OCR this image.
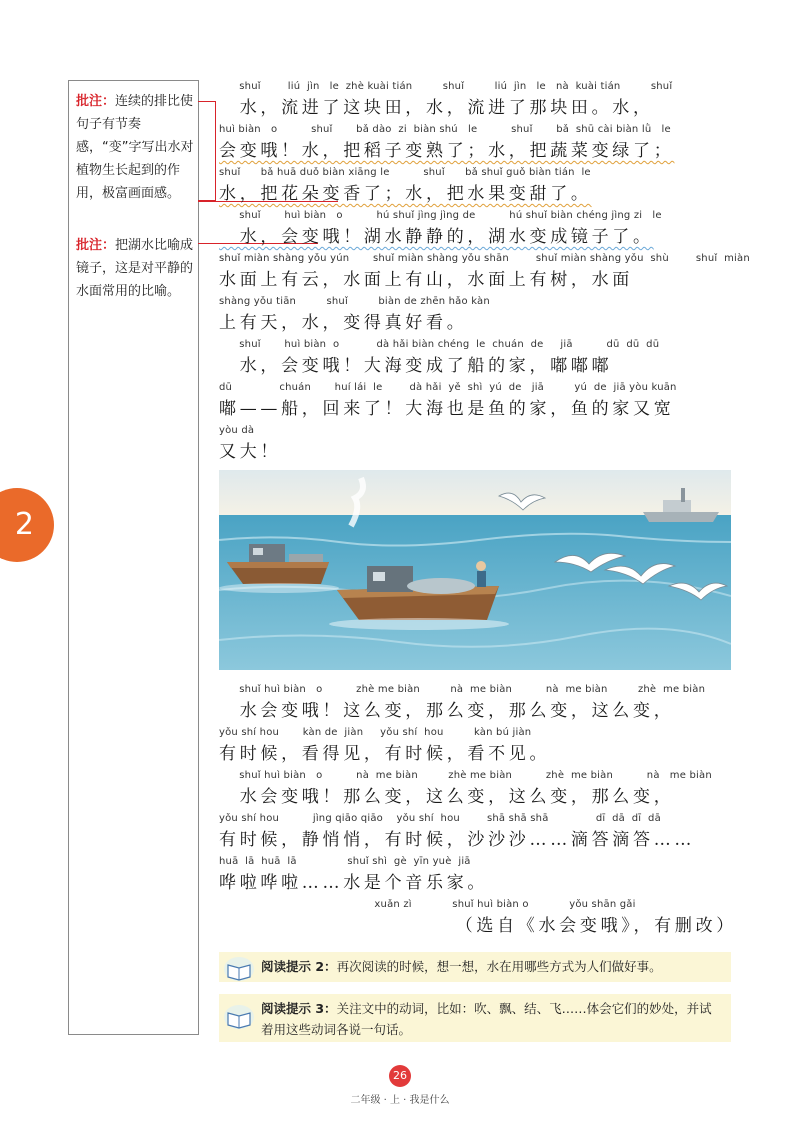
批注：连续的排比使句子有节奏感，“变”字写出水对植物生长起到的作用，极富画面感。
批注：把湖水比喻成镜子，这是对平静的水面常用的比喻。
2
shuǐ        liú  jìn   le  zhè kuài tián         shuǐ         liú  jìn   le   nà  kuài tián         shuǐ
　水，流进了这块田，水，流进了那块田。水，
huì biàn   o          shuǐ       bǎ dào  zi  biàn shú   le          shuǐ       bǎ  shū cài biàn lǜ   le
会变哦！水，把稻子变熟了；水，把蔬菜变绿了；
shuǐ      bǎ huā duǒ biàn xiāng le          shuǐ      bǎ shuǐ guǒ biàn tián  le
水，把花朵变香了；水，把水果变甜了。
shuǐ       huì biàn   o          hú shuǐ jìng jìng de          hú shuǐ biàn chéng jìng zi   le
　水，会变哦！湖水静静的，湖水变成镜子了。
shuǐ miàn shàng yǒu yún       shuǐ miàn shàng yǒu shān        shuǐ miàn shàng yǒu  shù        shuǐ  miàn
水面上有云，水面上有山，水面上有树，水面
shàng yǒu tiān         shuǐ         biàn de zhēn hǎo kàn
上有天，水，变得真好看。
shuǐ       huì biàn  o           dà hǎi biàn chéng  le  chuán  de     jiā          dū  dū  dū
　水，会变哦！大海变成了船的家，嘟嘟嘟
dū              chuán       huí lái  le        dà hǎi  yě  shì  yú  de   jiā         yú  de  jiā yòu kuān
嘟——船，回来了！大海也是鱼的家，鱼的家又宽
yòu dà
又大！
shuǐ huì biàn   o          zhè me biàn         nà  me biàn          nà  me biàn         zhè  me biàn
　水会变哦！这么变，那么变，那么变，这么变，
yǒu shí hou       kàn de  jiàn     yǒu shí  hou         kàn bú jiàn
有时候，看得见，有时候，看不见。
shuǐ huì biàn   o          nà  me biàn         zhè me biàn          zhè  me biàn          nà   me biàn
　水会变哦！那么变，这么变，这么变，那么变，
yǒu shí hou          jìng qiāo qiāo    yǒu shí  hou        shā shā shā              dī  dā  dī  dā
有时候，静悄悄，有时候，沙沙沙……滴答滴答……
huā  lā  huā  lā               shuǐ shì  gè  yīn yuè  jiā
哗啦哗啦……水是个音乐家。
xuǎn zì            shuǐ huì biàn o            yǒu shān gǎi
（选自《水会变哦》，有删改）
阅读提示 2：再次阅读的时候，想一想，水在用哪些方式为人们做好事。
阅读提示 3：关注文中的动词，比如：吹、飘、结、飞……体会它们的妙处，并试着用这些动词各说一句话。
26
二年级 · 上 · 我是什么
